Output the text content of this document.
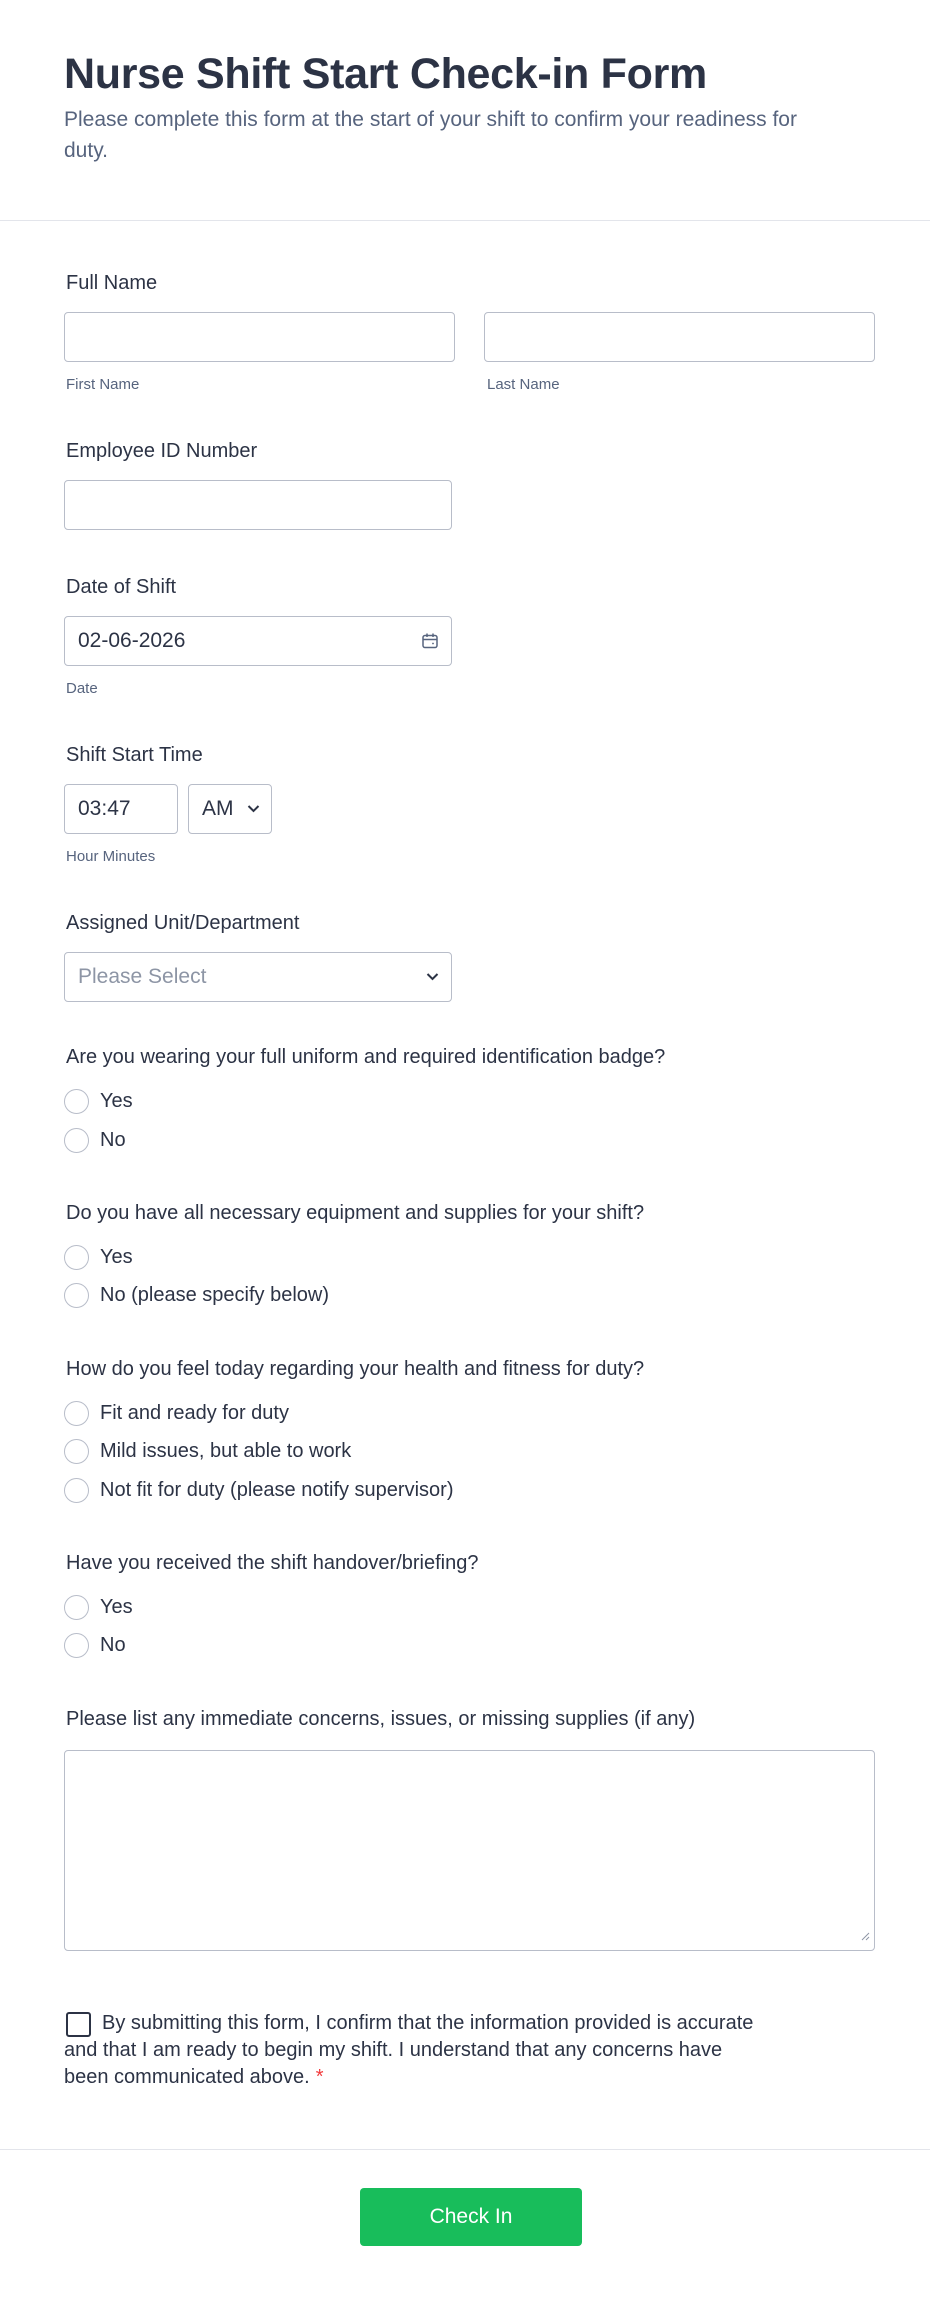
Nurse Shift Start Check-in Form
Please complete this form at the start of your shift to confirm your readiness for duty.
Full Name
First Name	Last Name
Employee ID Number
Date of Shift
02-06-2026
Date
Shift Start Time
03:47	AM
Hour Minutes
Assigned Unit/Department
Please Select
Are you wearing your full uniform and required identification badge?
Yes
No
Do you have all necessary equipment and supplies for your shift?
Yes
No (please specify below)
How do you feel today regarding your health and fitness for duty?
Fit and ready for duty
Mild issues, but able to work
Not fit for duty (please notify supervisor)
Have you received the shift handover/briefing?
Yes
No
Please list any immediate concerns, issues, or missing supplies (if any)
By submitting this form, I confirm that the information provided is accurate and that I am ready to begin my shift. I understand that any concerns have been communicated above. *
Check In
